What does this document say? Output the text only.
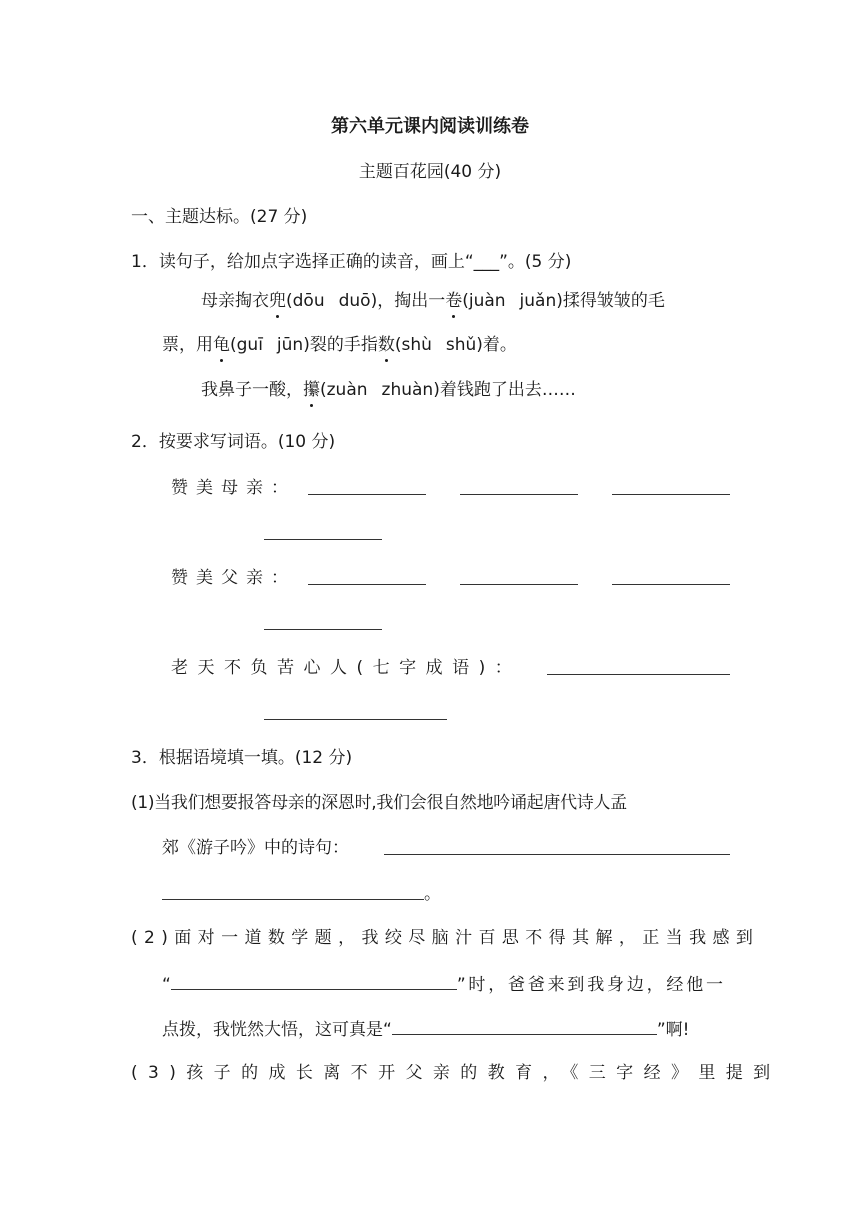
第六单元课内阅读训练卷
主题百花园(40 分)
一、主题达标。(27 分)
1．读句子，给加点字选择正确的读音，画上“___”。(5 分)
母亲掏衣兜(dōu duō)，掏出一卷(juàn juǎn)揉得皱皱的毛
票，用龟(guī jūn)裂的手指数(shù shǔ)着。
我鼻子一酸，攥(zuàn zhuàn)着钱跑了出去……
2．按要求写词语。(10 分)
赞美母亲：
赞美父亲：
老天不负苦心人(七字成语)：
3．根据语境填一填。(12 分)
(1)当我们想要报答母亲的深恩时,我们会很自然地吟诵起唐代诗人孟
郊《游子吟》中的诗句：
。
(2)面对一道数学题，我绞尽脑汁百思不得其解，正当我感到
“	”时，爸爸来到我身边，经他一
点拨，我恍然大悟，这可真是“	”啊!
(3)孩子的成长离不开父亲的教育，《三字经》里提到
